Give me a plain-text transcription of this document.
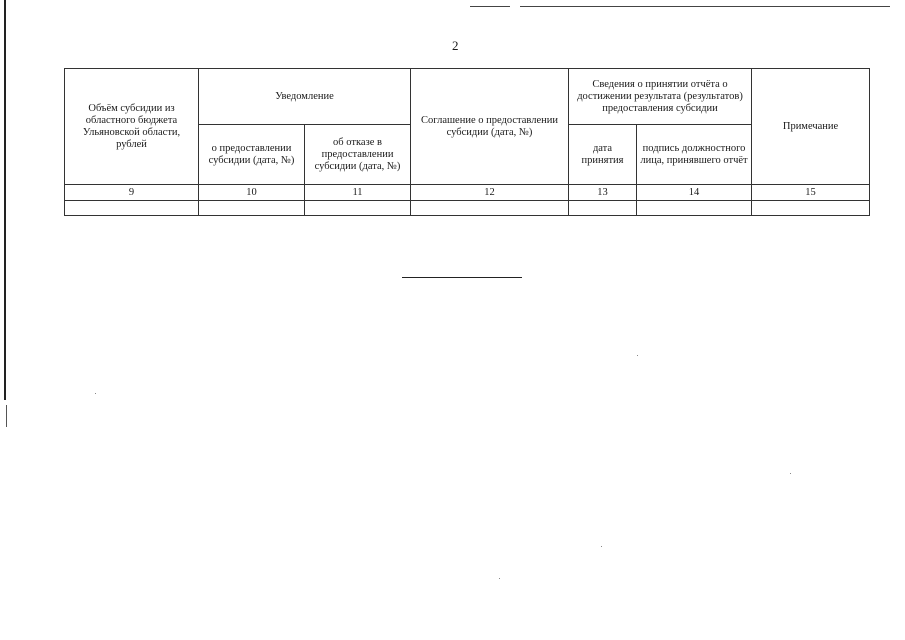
2
Объём субсидии из областного бюджета Ульяновской области, рублей	Уведомление		Соглашение о предоставлении субсидии (дата, №)	Сведения о принятии отчёта о достижении результата (результатов) предоставления субсидии		Примечание
	о предоставлении субсидии (дата, №)	об отказе в предоставлении субсидии (дата, №)		дата принятия	подпись должностного лица, принявшего отчёт	
9	10	11	12	13	14	15
